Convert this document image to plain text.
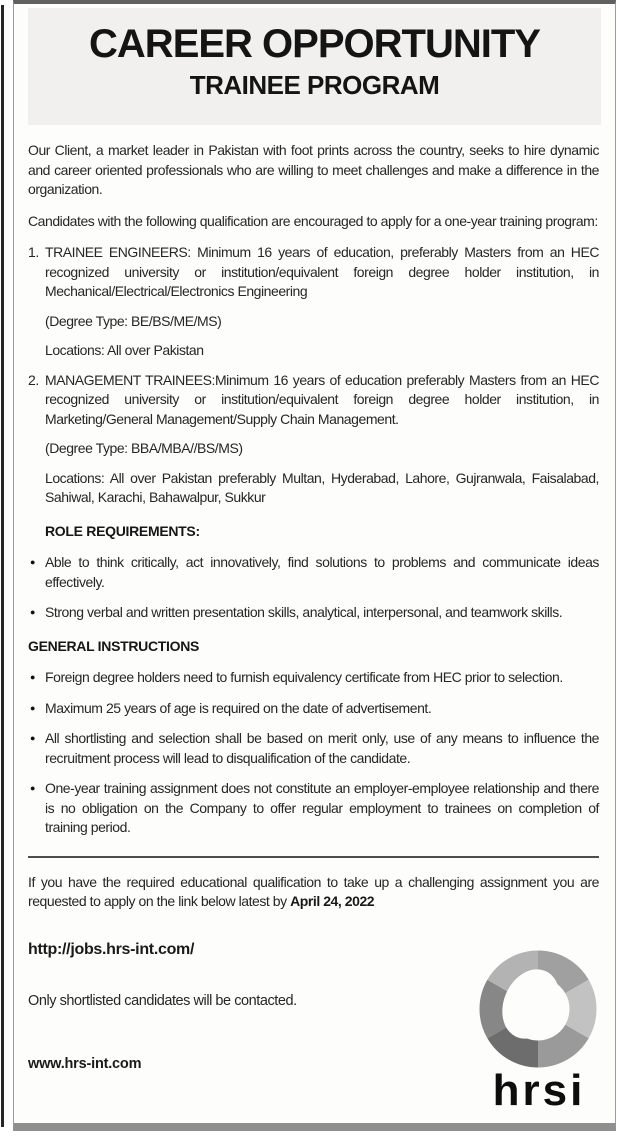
CAREER OPPORTUNITY
TRAINEE PROGRAM

Our Client, a market leader in Pakistan with foot prints across the country, seeks to hire dynamic and career oriented professionals who are willing to meet challenges and make a difference in the organization.

Candidates with the following qualification are encouraged to apply for a one-year training program:

1. TRAINEE ENGINEERS: Minimum 16 years of education, preferably Masters from an HEC recognized university or institution/equivalent foreign degree holder institution, in Mechanical/Electrical/Electronics Engineering
(Degree Type: BE/BS/ME/MS)
Locations: All over Pakistan
2. MANAGEMENT TRAINEES:Minimum 16 years of education preferably Masters from an HEC recognized university or institution/equivalent foreign degree holder institution, in Marketing/General Management/Supply Chain Management.
(Degree Type: BBA/MBA//BS/MS)
Locations: All over Pakistan preferably Multan, Hyderabad, Lahore, Gujranwala, Faisalabad, Sahiwal, Karachi, Bahawalpur, Sukkur
ROLE REQUIREMENTS:
● Able to think critically, act innovatively, find solutions to problems and communicate ideas effectively.
● Strong verbal and written presentation skills, analytical, interpersonal, and teamwork skills.
GENERAL INSTRUCTIONS
● Foreign degree holders need to furnish equivalency certificate from HEC prior to selection.
● Maximum 25 years of age is required on the date of advertisement.
● All shortlisting and selection shall be based on merit only, use of any means to influence the recruitment process will lead to disqualification of the candidate.
● One-year training assignment does not constitute an employer-employee relationship and there is no obligation on the Company to offer regular employment to trainees on completion of training period.

If you have the required educational qualification to take up a challenging assignment you are requested to apply on the link below latest by April 24, 2022

http://jobs.hrs-int.com/
Only shortlisted candidates will be contacted.
www.hrs-int.com
hrsi
